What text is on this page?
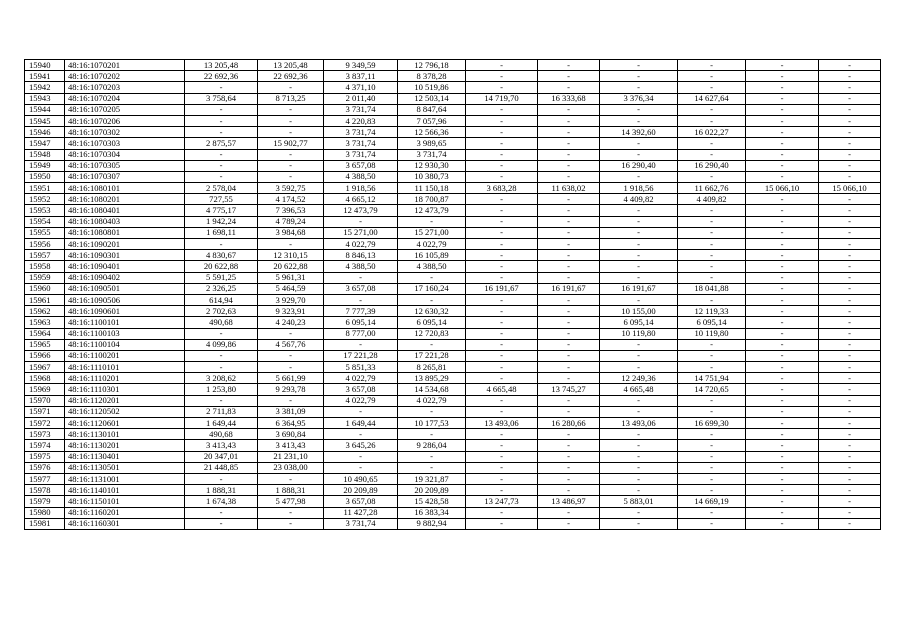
15940	48:16:1070201	13 205,48	13 205,48	9 349,59	12 796,18	-	-	-	-	-	-
15941	48:16:1070202	22 692,36	22 692,36	3 837,11	8 378,28	-	-	-	-	-	-
15942	48:16:1070203	-	-	4 371,10	10 519,86	-	-	-	-	-	-
15943	48:16:1070204	3 758,64	8 713,25	2 011,40	12 503,14	14 719,70	16 333,68	3 376,34	14 627,64	-	-
15944	48:16:1070205	-	-	3 731,74	8 847,64	-	-	-	-	-	-
15945	48:16:1070206	-	-	4 220,83	7 057,96	-	-	-	-	-	-
15946	48:16:1070302	-	-	3 731,74	12 566,36	-	-	14 392,60	16 022,27	-	-
15947	48:16:1070303	2 875,57	15 902,77	3 731,74	3 989,65	-	-	-	-	-	-
15948	48:16:1070304	-	-	3 731,74	3 731,74	-	-	-	-	-	-
15949	48:16:1070305	-	-	3 657,08	12 930,30	-	-	16 290,40	16 290,40	-	-
15950	48:16:1070307	-	-	4 388,50	10 380,73	-	-	-	-	-	-
15951	48:16:1080101	2 578,04	3 592,75	1 918,56	11 150,18	3 683,28	11 638,02	1 918,56	11 662,76	15 066,10	15 066,10
15952	48:16:1080201	727,55	4 174,52	4 665,12	18 700,87	-	-	4 409,82	4 409,82	-	-
15953	48:16:1080401	4 775,17	7 396,53	12 473,79	12 473,79	-	-	-	-	-	-
15954	48:16:1080403	1 942,24	4 789,24	-	-	-	-	-	-	-	-
15955	48:16:1080801	1 698,11	3 984,68	15 271,00	15 271,00	-	-	-	-	-	-
15956	48:16:1090201	-	-	4 022,79	4 022,79	-	-	-	-	-	-
15957	48:16:1090301	4 830,67	12 310,15	8 846,13	16 105,89	-	-	-	-	-	-
15958	48:16:1090401	20 622,88	20 622,88	4 388,50	4 388,50	-	-	-	-	-	-
15959	48:16:1090402	5 591,25	5 961,31	-	-	-	-	-	-	-	-
15960	48:16:1090501	2 326,25	5 464,59	3 657,08	17 160,24	16 191,67	16 191,67	16 191,67	18 041,88	-	-
15961	48:16:1090506	614,94	3 929,70	-	-	-	-	-	-	-	-
15962	48:16:1090601	2 702,63	9 323,91	7 777,39	12 630,32	-	-	10 155,00	12 119,33	-	-
15963	48:16:1100101	490,68	4 240,23	6 095,14	6 095,14	-	-	6 095,14	6 095,14	-	-
15964	48:16:1100103	-	-	8 777,00	12 720,83	-	-	10 119,80	10 119,80	-	-
15965	48:16:1100104	4 099,86	4 567,76	-	-	-	-	-	-	-	-
15966	48:16:1100201	-	-	17 221,28	17 221,28	-	-	-	-	-	-
15967	48:16:1110101	-	-	5 851,33	8 265,81	-	-	-	-	-	-
15968	48:16:1110201	3 208,62	5 661,99	4 022,79	13 895,29	-	-	12 249,36	14 751,94	-	-
15969	48:16:1110301	1 253,80	9 293,78	3 657,08	14 534,68	4 665,48	13 745,27	4 665,48	14 720,65	-	-
15970	48:16:1120201	-	-	4 022,79	4 022,79	-	-	-	-	-	-
15971	48:16:1120502	2 711,83	3 381,09	-	-	-	-	-	-	-	-
15972	48:16:1120601	1 649,44	6 364,95	1 649,44	10 177,53	13 493,06	16 280,66	13 493,06	16 699,30	-	-
15973	48:16:1130101	490,68	3 690,84	-	-	-	-	-	-	-	-
15974	48:16:1130201	3 413,43	3 413,43	3 645,26	9 286,04	-	-	-	-	-	-
15975	48:16:1130401	20 347,01	21 231,10	-	-	-	-	-	-	-	-
15976	48:16:1130501	21 448,85	23 038,00	-	-	-	-	-	-	-	-
15977	48:16:1131001	-	-	10 490,65	19 321,87	-	-	-	-	-	-
15978	48:16:1140101	1 888,31	1 888,31	20 209,89	20 209,89	-	-	-	-	-	-
15979	48:16:1150101	1 674,38	5 477,98	3 657,08	15 428,58	13 247,73	13 486,97	5 883,01	14 669,19	-	-
15980	48:16:1160201	-	-	11 427,28	16 383,34	-	-	-	-	-	-
15981	48:16:1160301	-	-	3 731,74	9 882,94	-	-	-	-	-	-
